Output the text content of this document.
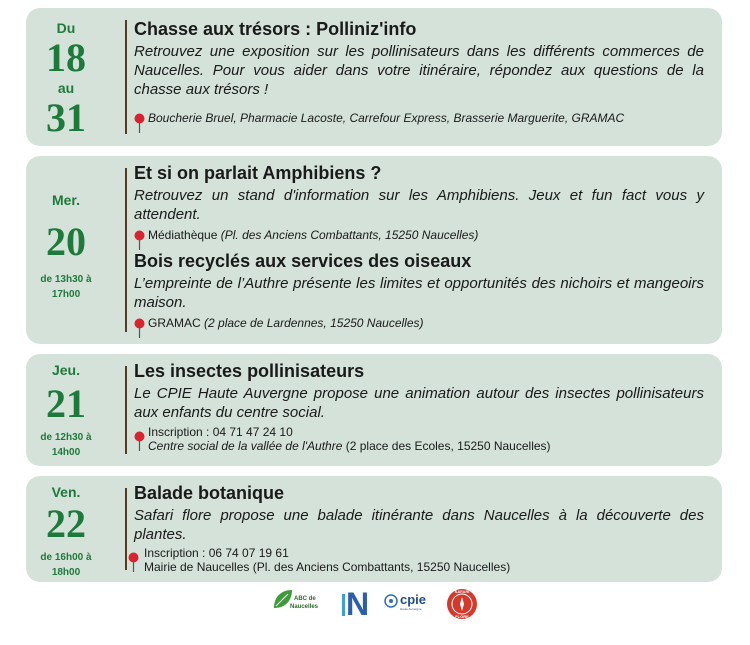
Du
18
au
31
Chasse aux trésors : Polliniz'info

Retrouvez une exposition sur les pollinisateurs dans les différents commerces de Naucelles. Pour vous aider dans votre itinéraire, répondez aux questions de la chasse aux trésors !

Boucherie Bruel, Pharmacie Lacoste, Carrefour Express, Brasserie Marguerite, GRAMAC
Mer.
20
de 13h30 à 17h00
Et si on parlait Amphibiens ?

Retrouvez un stand d'information sur les Amphibiens. Jeux et fun fact vous y attendent.

Médiathèque (Pl. des Anciens Combattants, 15250 Naucelles)
Bois recyclés aux services des oiseaux

L’empreinte de l’Authre présente les limites et opportunités des nichoirs et mangeoirs maison.

GRAMAC (2 place de Lardennes, 15250 Naucelles)
Jeu.
21
de 12h30 à 14h00
Les insectes pollinisateurs

Le CPIE Haute Auvergne propose une animation autour des insectes pollinisateurs aux enfants du centre social.

Inscription : 04 71 47 24 10
Centre social de la vallée de l'Authre (2 place des Ecoles, 15250 Naucelles)
Ven.
22
de 16h00 à 18h00
Balade botanique

Safari flore propose une balade itinérante dans Naucelles à la découverte des plantes.

Inscription : 06 74 07 19 61
Mairie de Naucelles (Pl. des Anciens Combattants, 15250 Naucelles)
ABC de
Naucelles N cpie
Haute Auvergne
SAFARI
FLORE
